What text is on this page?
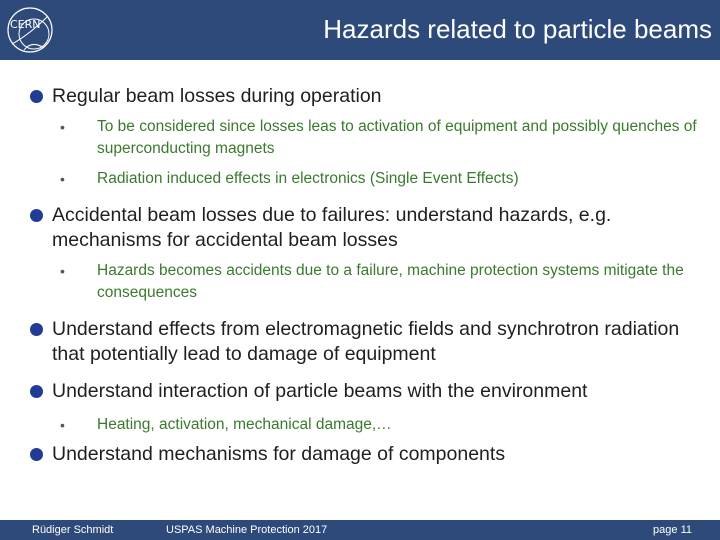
CERN	Hazards related to particle beams
Regular beam losses during operation
• To be considered since losses leas to activation of equipment and possibly quenches of superconducting magnets
• Radiation induced effects in electronics (Single Event Effects)
Accidental beam losses due to failures: understand hazards, e.g. mechanisms for accidental beam losses
• Hazards becomes accidents due to a failure, machine protection systems mitigate the consequences
Understand effects from electromagnetic fields and synchrotron radiation that potentially lead to damage of equipment
Understand interaction of particle beams with the environment
• Heating, activation, mechanical damage,…
Understand mechanisms for damage of components
Rüdiger Schmidt	USPAS Machine Protection 2017	page 11
